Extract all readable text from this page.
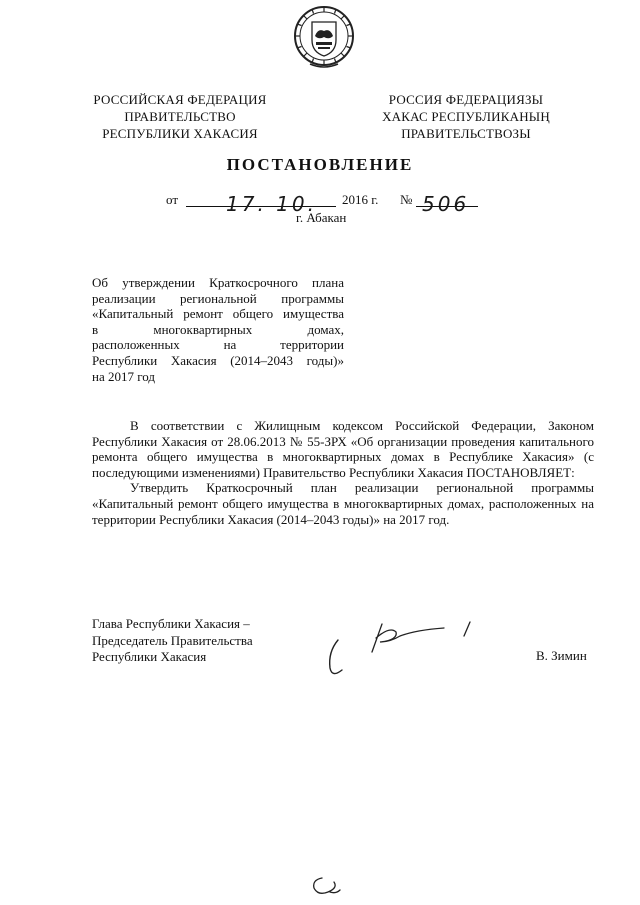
РОССИЙСКАЯ ФЕДЕРАЦИЯ
ПРАВИТЕЛЬСТВО
РЕСПУБЛИКИ ХАКАСИЯ
РОССИЯ ФЕДЕРАЦИЯЗЫ
ХАКАС РЕСПУБЛИКАНЫҢ
ПРАВИТЕЛЬСТВОЗЫ
ПОСТАНОВЛЕНИЕ
от 17. 10. 2016 г. № 506
г. Абакан

Об утверждении Краткосрочного плана

реализации региональной программы

«Капитальный ремонт общего имущества

в многоквартирных домах,

расположенных на территории

Республики Хакасия (2014–2043 годы)»

на 2017 год

В соответствии с Жилищным кодексом Российской Федерации, Законом Республики Хакасия от 28.06.2013 № 55-ЗРХ «Об организации проведения капитального ремонта общего имущества в многоквартирных домах в Республике Хакасия» (с последующими изменениями) Правительство Республики Хакасия ПОСТАНОВЛЯЕТ:

Утвердить Краткосрочный план реализации региональной программы «Капитальный ремонт общего имущества в многоквартирных домах, расположенных на территории Республики Хакасия (2014–2043 годы)» на 2017 год.

Глава Республики Хакасия –
Председатель Правительства
Республики Хакасия	В. Зимин
